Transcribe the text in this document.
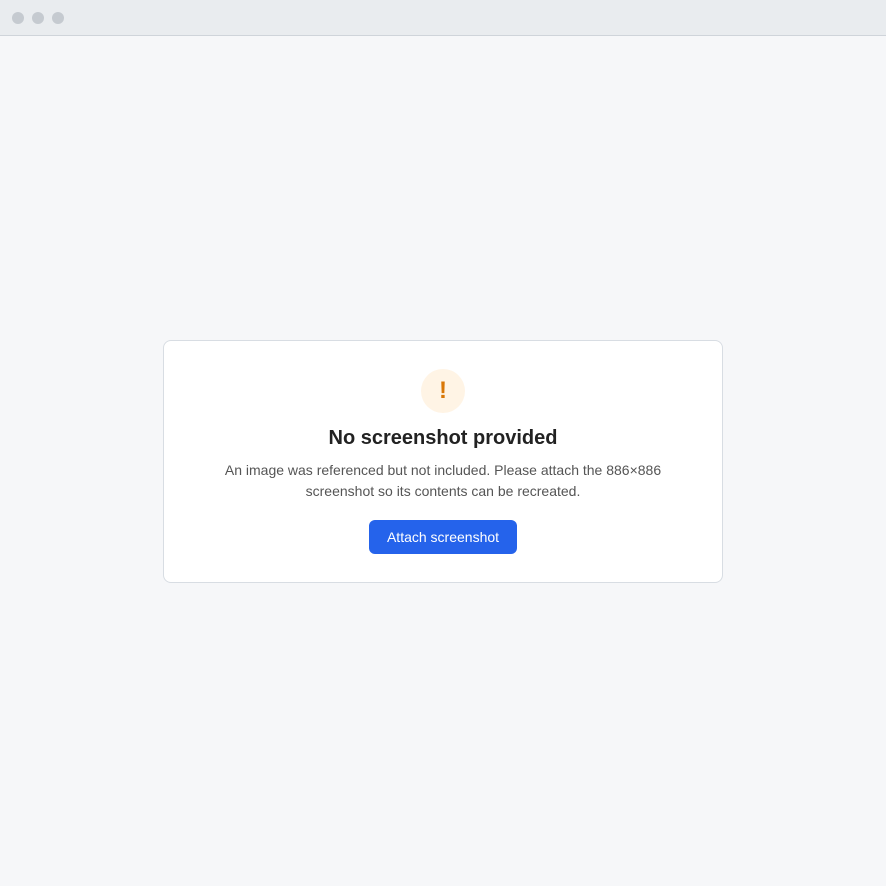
!
No screenshot provided

An image was referenced but not included. Please attach the 886×886 screenshot so its contents can be recreated.

Attach screenshot
